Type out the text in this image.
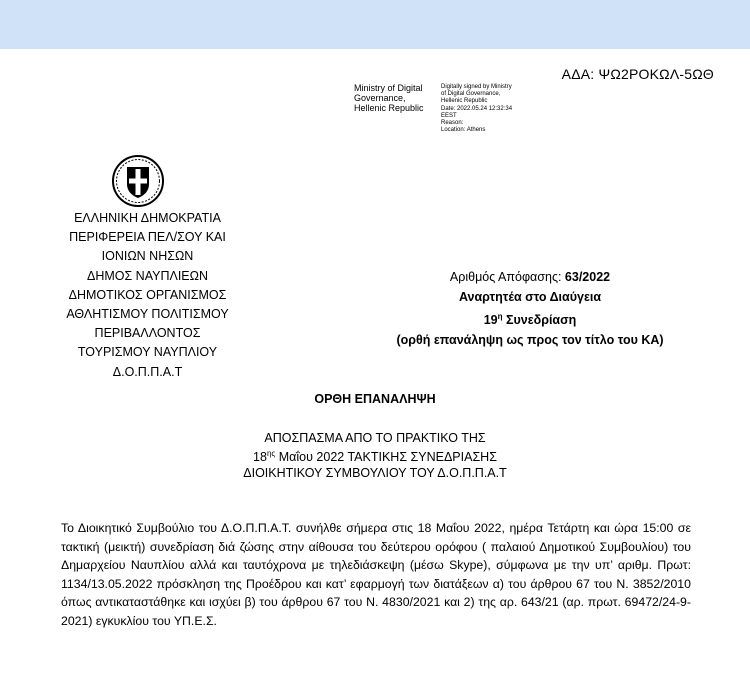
ΑΔΑ: ΨΩ2ΡΟΚΩΛ-5ΩΘ
Ministry of Digital
Governance,
Hellenic Republic
Digitally signed by Ministry
of Digital Governance,
Hellenic Republic
Date: 2022.05.24 12:32:34
EEST
Reason:
Location: Athens
ΕΛΛΗΝΙΚΗ ΔΗΜΟΚΡΑΤΙΑ
ΠΕΡΙΦΕΡΕΙΑ ΠΕΛ/ΣΟΥ ΚΑΙ
ΙΟΝΙΩΝ ΝΗΣΩΝ
ΔΗΜΟΣ ΝΑΥΠΛΙΕΩΝ
ΔΗΜΟΤΙΚΟΣ ΟΡΓΑΝΙΣΜΟΣ
ΑΘΛΗΤΙΣΜΟΥ ΠΟΛΙΤΙΣΜΟΥ
ΠΕΡΙΒΑΛΛΟΝΤΟΣ
ΤΟΥΡΙΣΜΟΥ ΝΑΥΠΛΙΟΥ
Δ.Ο.Π.Π.Α.Τ
Αριθμός Απόφασης: 63/2022
Αναρτητέα στο Διαύγεια
$19^\eta$ Συνεδρίαση
(ορθή επανάληψη ως προς τον τίτλο του ΚΑ)
ΟΡΘΗ ΕΠΑΝΑΛΗΨΗ
ΑΠΟΣΠΑΣΜΑ ΑΠΟ ΤΟ ΠΡΑΚΤΙΚΟ ΤΗΣ
$18^{\eta\varsigma}$ Μαΐου 2022 ΤΑΚΤΙΚΗΣ ΣΥΝΕΔΡΙΑΣΗΣ
ΔΙΟΙΚΗΤΙΚΟΥ ΣΥΜΒΟΥΛΙΟΥ ΤΟΥ Δ.Ο.Π.Π.Α.Τ
Το Διοικητικό Συμβούλιο του Δ.Ο.Π.Π.Α.Τ. συνήλθε σήμερα στις 18 Μαΐου 2022, ημέρα Τετάρτη και ώρα 15:00 σε τακτική (μεικτή) συνεδρίαση διά ζώσης στην αίθουσα του δεύτερου ορόφου ( παλαιού Δημοτικού Συμβουλίου) του Δημαρχείου Ναυπλίου αλλά και ταυτόχρονα με τηλεδιάσκεψη (μέσω Skype), σύμφωνα με την υπ’ αριθμ. Πρωτ: 1134/13.05.2022 πρόσκληση της Προέδρου και κατ’ εφαρμογή των διατάξεων α) του άρθρου 67 του Ν. 3852/2010 όπως αντικαταστάθηκε και ισχύει β) του άρθρου 67 του Ν. 4830/2021 και 2) της αρ. 643/21 (αρ. πρωτ. 69472/24-9-2021) εγκυκλίου του ΥΠ.Ε.Σ.
